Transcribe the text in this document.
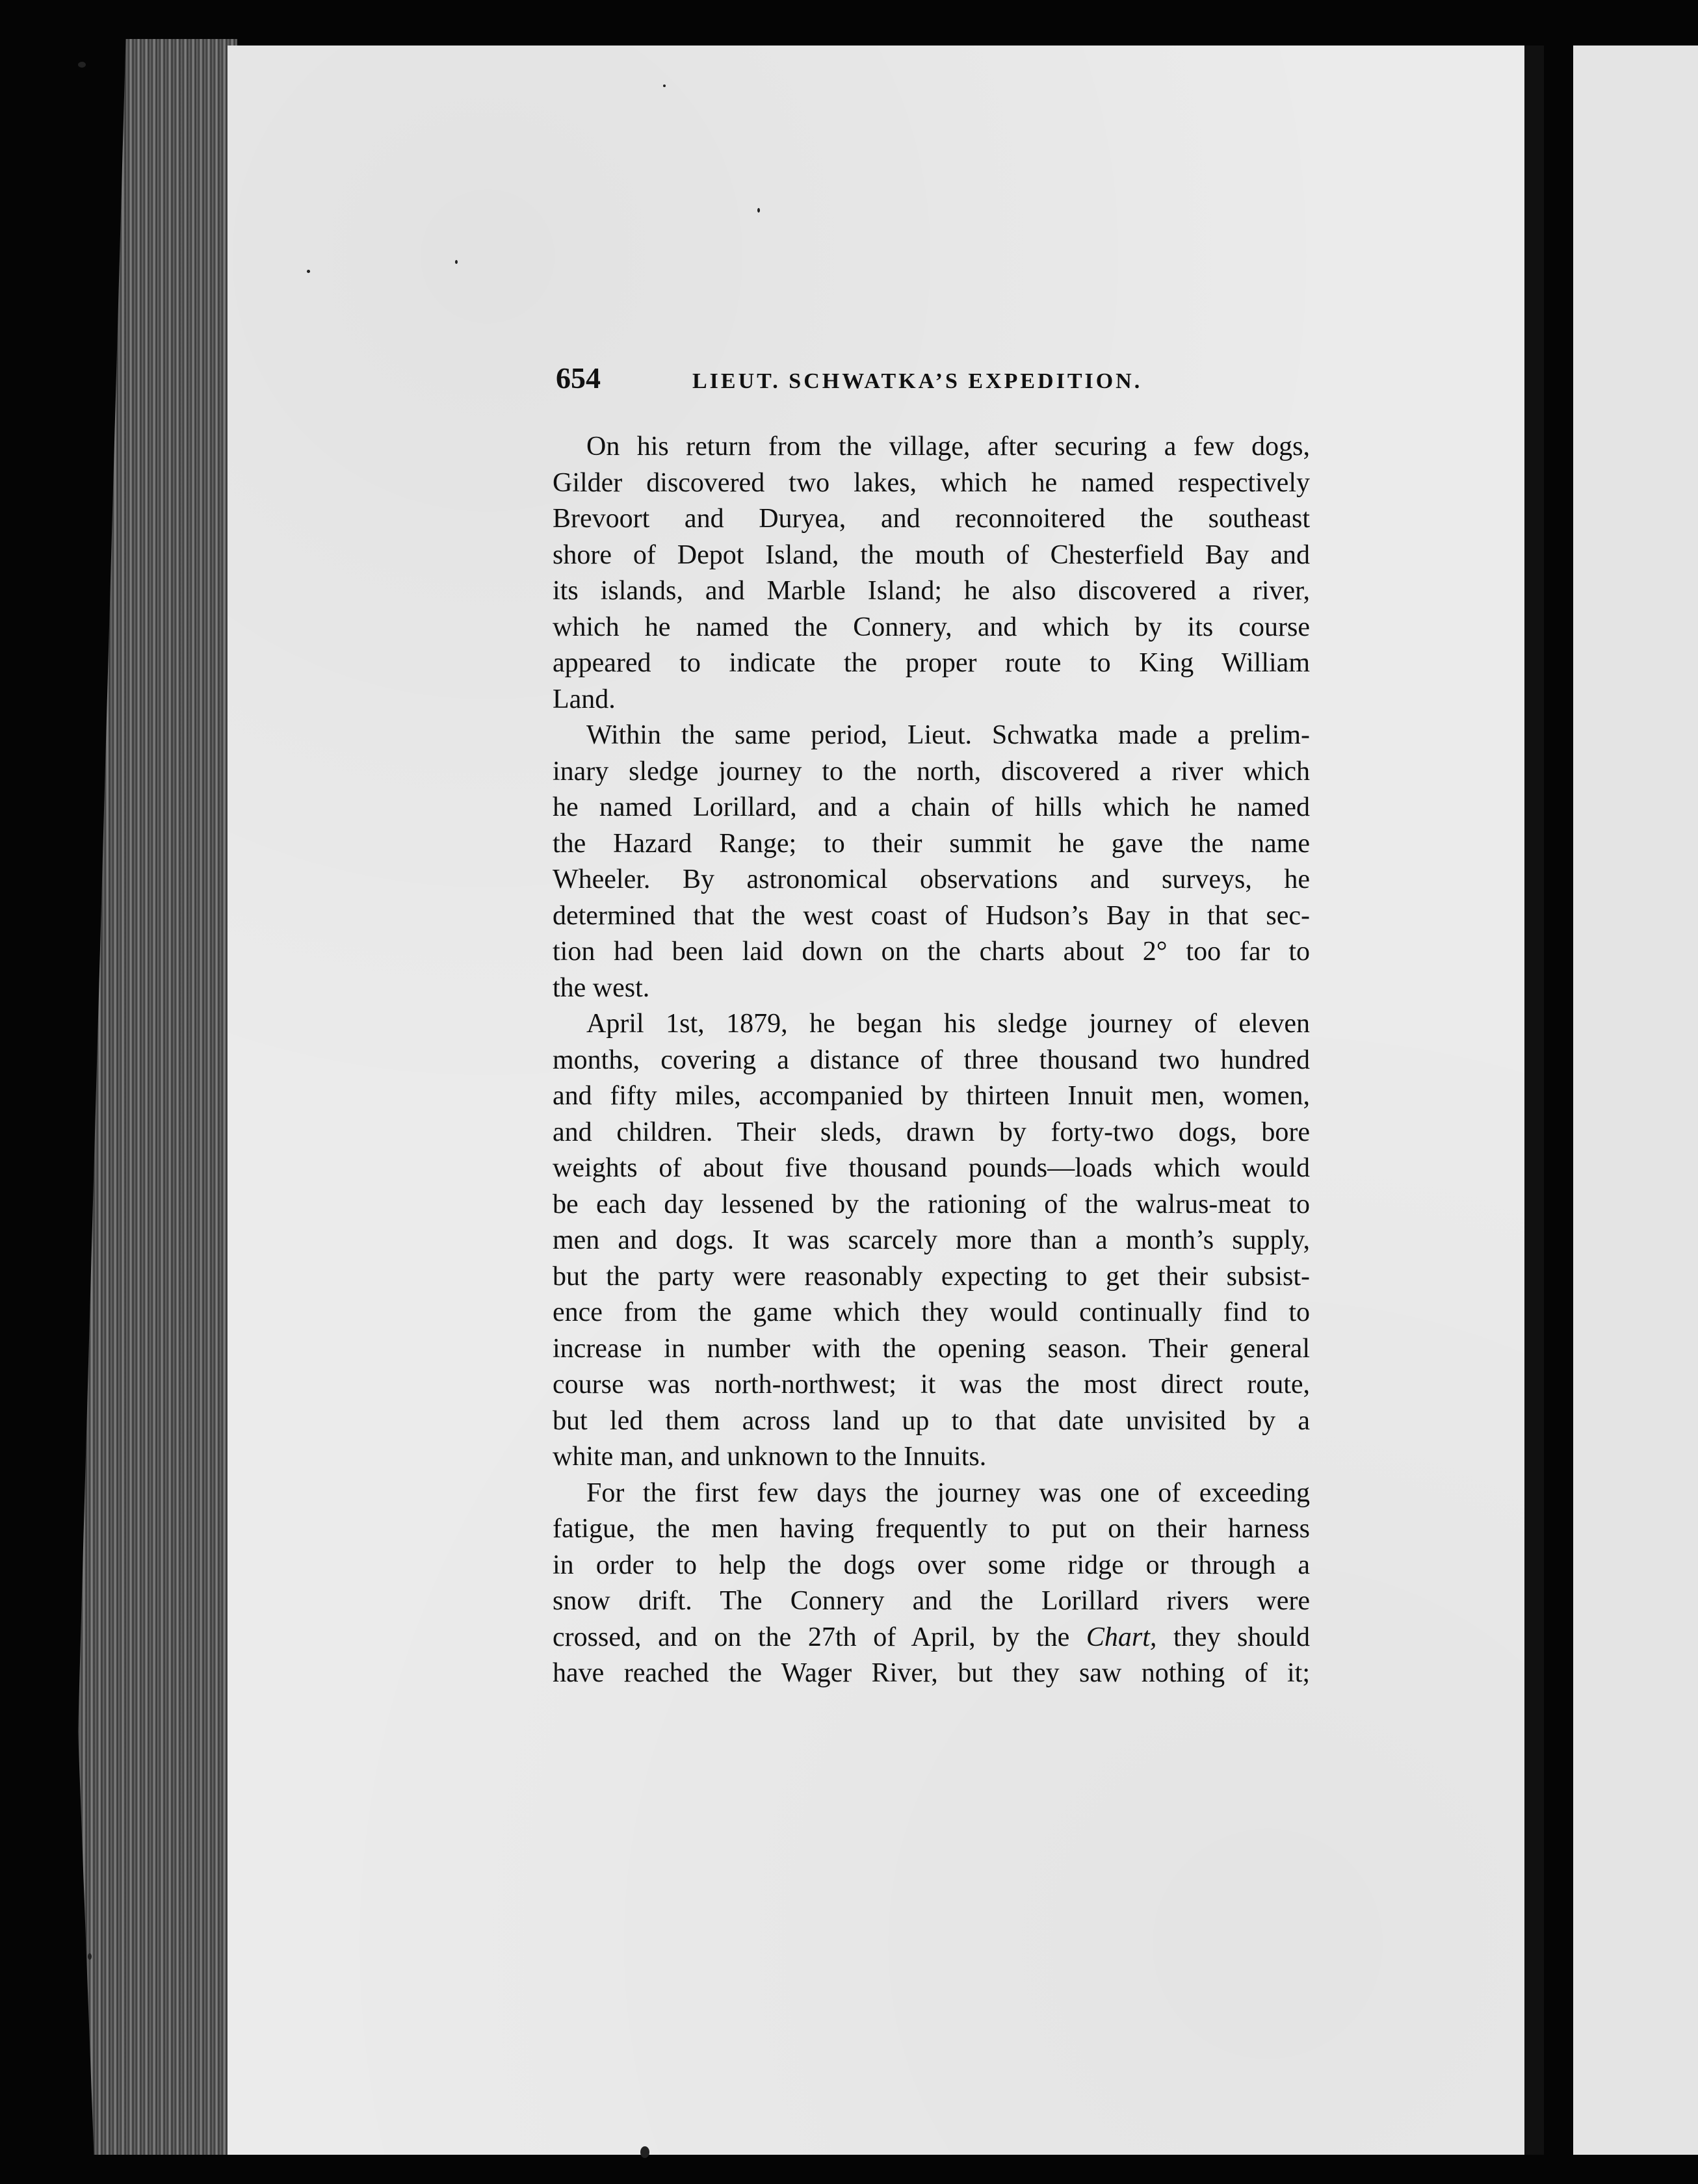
654	LIEUT. SCHWATKA’S EXPEDITION.

On his return from the village, after securing a few dogs,
Gilder discovered two lakes, which he named respectively
Brevoort and Duryea, and reconnoitered the southeast
shore of Depot Island, the mouth of Chesterfield Bay and
its islands, and Marble Island; he also discovered a river,
which he named the Connery, and which by its course
appeared to indicate the proper route to King William
Land.

Within the same period, Lieut. Schwatka made a prelim-
inary sledge journey to the north, discovered a river which
he named Lorillard, and a chain of hills which he named
the Hazard Range; to their summit he gave the name
Wheeler. By astronomical observations and surveys, he
determined that the west coast of Hudson’s Bay in that sec-
tion had been laid down on the charts about 2° too far to
the west.

April 1st, 1879, he began his sledge journey of eleven
months, covering a distance of three thousand two hundred
and fifty miles, accompanied by thirteen Innuit men, women,
and children. Their sleds, drawn by forty-two dogs, bore
weights of about five thousand pounds—loads which would
be each day lessened by the rationing of the walrus-meat to
men and dogs. It was scarcely more than a month’s supply,
but the party were reasonably expecting to get their subsist-
ence from the game which they would continually find to
increase in number with the opening season. Their general
course was north-northwest; it was the most direct route,
but led them across land up to that date unvisited by a
white man, and unknown to the Innuits.

For the first few days the journey was one of exceeding
fatigue, the men having frequently to put on their harness
in order to help the dogs over some ridge or through a
snow drift. The Connery and the Lorillard rivers were
crossed, and on the 27th of April, by the Chart, they should
have reached the Wager River, but they saw nothing of it;
